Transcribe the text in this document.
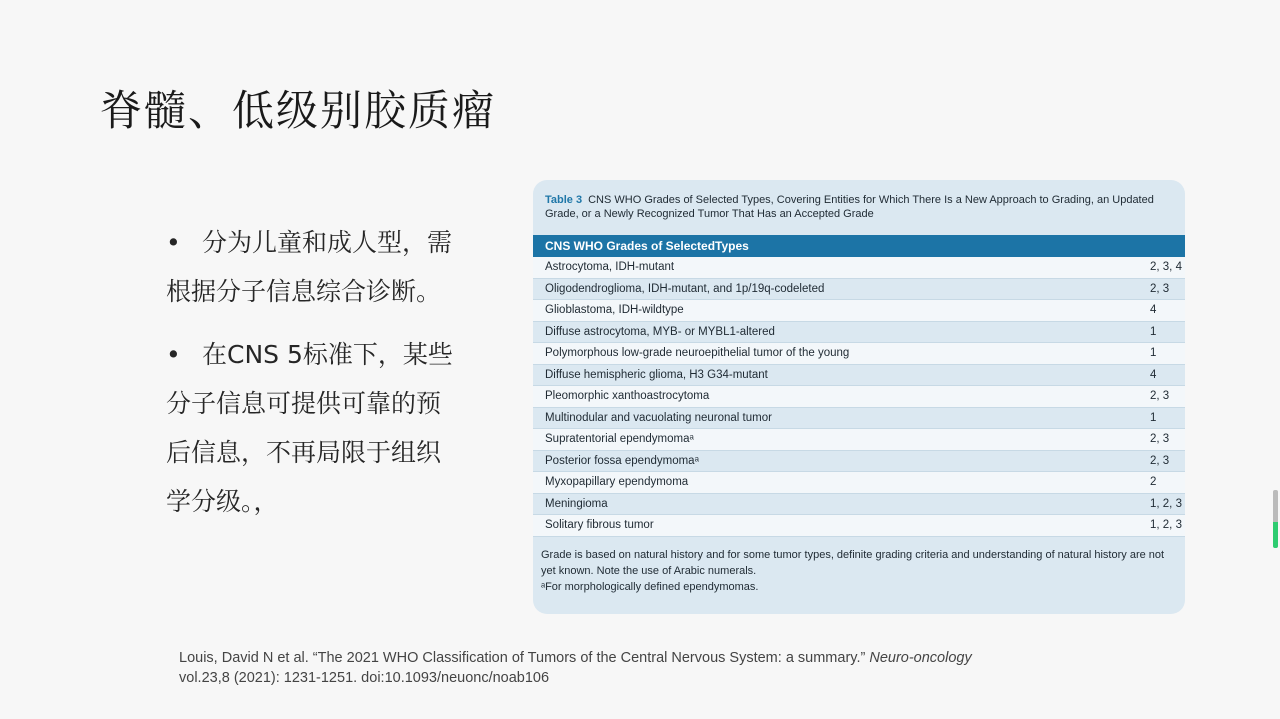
脊髓、低级别胶质瘤
• 分为儿童和成人型，需根据分子信息综合诊断。
• 在CNS 5标准下，某些分子信息可提供可靠的预后信息，不再局限于组织学分级。，
Table 3 CNS WHO Grades of Selected Types, Covering Entities for Which There Is a New Approach to Grading, an Updated Grade, or a Newly Recognized Tumor That Has an Accepted Grade
CNS WHO Grades of SelectedTypes
Astrocytoma, IDH-mutant	2, 3, 4
Oligodendroglioma, IDH-mutant, and 1p/19q-codeleted	2, 3
Glioblastoma, IDH-wildtype	4
Diffuse astrocytoma, MYB- or MYBL1-altered	1
Polymorphous low-grade neuroepithelial tumor of the young	1
Diffuse hemispheric glioma, H3 G34-mutant	4
Pleomorphic xanthoastrocytoma	2, 3
Multinodular and vacuolating neuronal tumor	1
Supratentorial ependymomaᵃ	2, 3
Posterior fossa ependymomaᵃ	2, 3
Myxopapillary ependymoma	2
Meningioma	1, 2, 3
Solitary fibrous tumor	1, 2, 3
Grade is based on natural history and for some tumor types, definite grading criteria and understanding of natural history are not yet known. Note the use of Arabic numerals.
ᵃFor morphologically defined ependymomas.
Louis, David N et al. “The 2021 WHO Classification of Tumors of the Central Nervous System: a summary.” Neuro-oncology
vol.23,8 (2021): 1231-1251. doi:10.1093/neuonc/noab106
